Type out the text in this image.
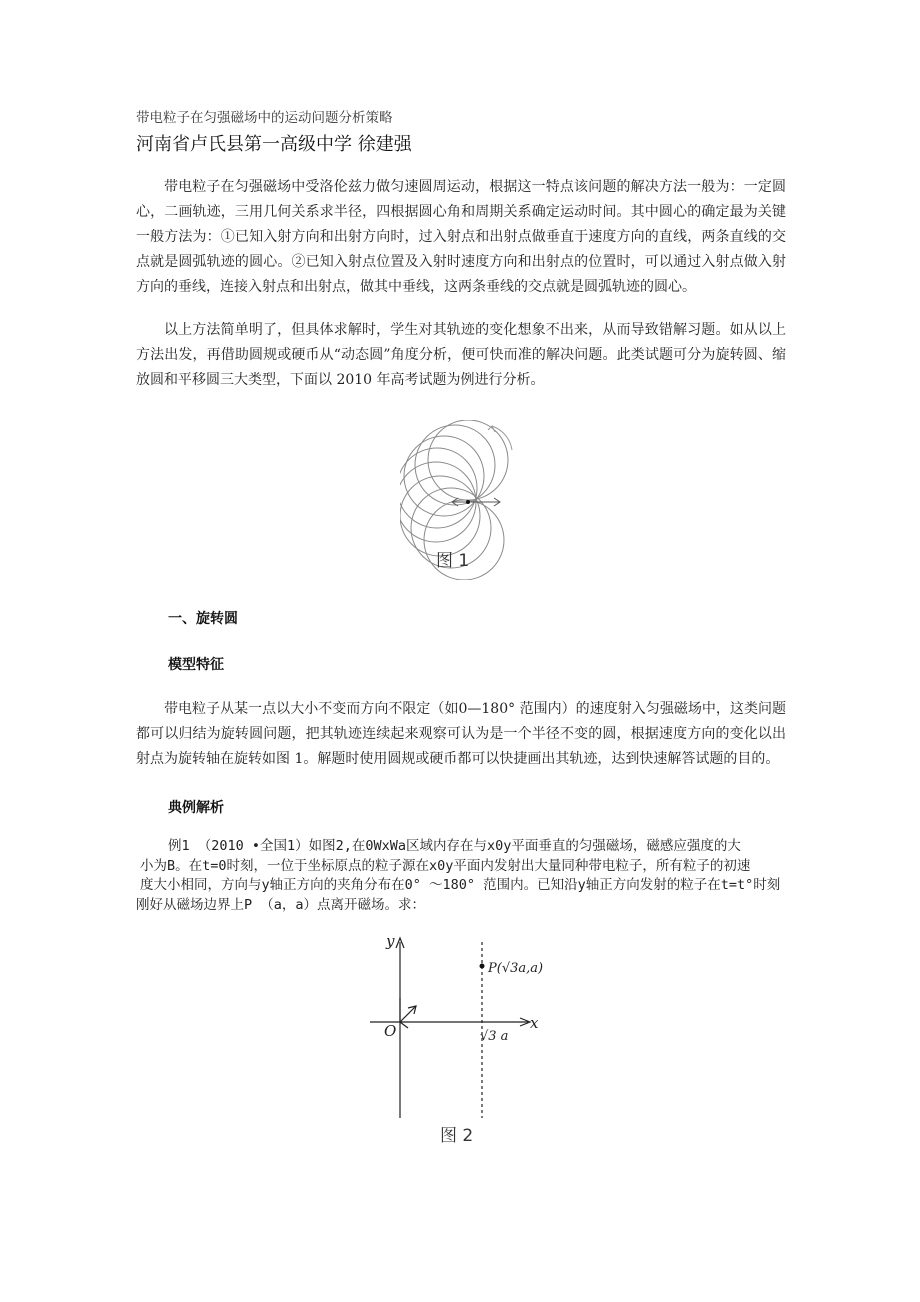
带电粒子在匀强磁场中的运动问题分析策略
河南省卢氏县第一高级中学 徐建强

带电粒子在匀强磁场中受洛伦兹力做匀速圆周运动，根据这一特点该问题的解决方法一般为：一定圆心，二画轨迹，三用几何关系求半径，四根据圆心角和周期关系确定运动时间。其中圆心的确定最为关键一般方法为：①已知入射方向和出射方向时，过入射点和出射点做垂直于速度方向的直线，两条直线的交点就是圆弧轨迹的圆心。②已知入射点位置及入射时速度方向和出射点的位置时，可以通过入射点做入射方向的垂线，连接入射点和出射点，做其中垂线，这两条垂线的交点就是圆弧轨迹的圆心。

以上方法简单明了，但具体求解时，学生对其轨迹的变化想象不出来，从而导致错解习题。如从以上方法出发，再借助圆规或硬币从“动态圆”角度分析，便可快而准的解决问题。此类试题可分为旋转圆、缩放圆和平移圆三大类型，下面以 2010 年高考试题为例进行分析。

图 1
一、旋转圆
模型特征

带电粒子从某一点以大小不变而方向不限定（如0—180° 范围内）的速度射入匀强磁场中，这类问题都可以归结为旋转圆问题，把其轨迹连续起来观察可认为是一个半径不变的圆，根据速度方向的变化以出射点为旋转轴在旋转如图 1。解题时使用圆规或硬币都可以快捷画出其轨迹，达到快速解答试题的目的。

典例解析
例1 （2010 •全国1）如图2,在0WxWa区域内存在与x0y平面垂直的匀强磁场，磁感应强度的大
小为B。在t=0时刻，一位于坐标原点的粒子源在x0y平面内发射出大量同种带电粒子，所有粒子的初速
度大小相同，方向与y轴正方向的夹角分布在0° ～180° 范围内。已知沿y轴正方向发射的粒子在t=t°时刻
刚好从磁场边界上P （a，a）点离开磁场。求：
y
x
O
P(√3a,a)
√3 a
图 2
